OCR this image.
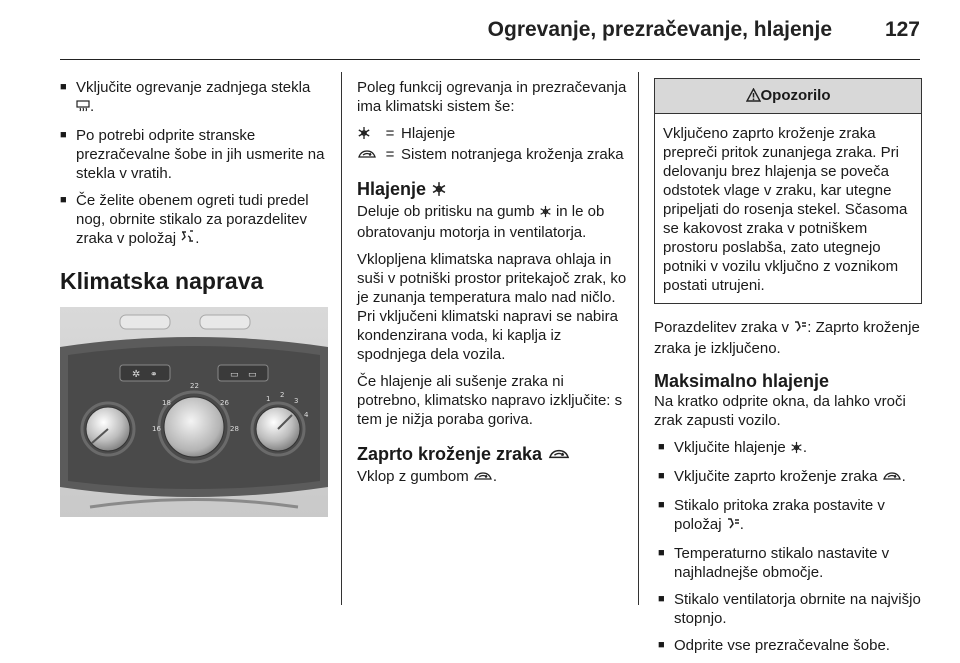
Ogrevanje, prezračevanje, hlajenje	127
■ Vključite ogrevanje zadnjega stekla
.
■ Po potrebi odprite stranske prezračevalne šobe in jih usmerite na stekla v vratih.
■ Če želite obenem ogreti tudi predel nog, obrnite stikalo za porazdelitev zraka v položaj .
Klimatska naprava
✲ ⚭	▭ ▭
22
18	26
16	28
1 2
3
4

Poleg funkcij ogrevanja in prezračevanja ima klimatski sistem še:

	=	Hlajenje
	=	Sistem notranjega kroženja zraka
Hlajenje

Deluje ob pritisku na gumb in le ob obratovanju motorja in ventilatorja.

Vklopljena klimatska naprava ohlaja in suši v potniški prostor pritekajoč zrak, ko je zunanja temperatura malo nad ničlo. Pri vključeni klimatski napravi se nabira kondenzirana voda, ki kaplja iz spodnjega dela vozila.

Če hlajenje ali sušenje zraka ni potrebno, klimatsko napravo izključite: s tem je nižja poraba goriva.

Zaprto kroženje zraka

Vklop z gumbom .

Opozorilo
Vključeno zaprto kroženje zraka prepreči pritok zunanjega zraka. Pri delovanju brez hlajenja se poveča odstotek vlage v zraku, kar utegne pripeljati do rosenja stekel. Sčasoma se kakovost zraka v potniškem prostoru poslabša, zato utegnejo potniki v vozilu vključno z voznikom postati utrujeni.

Porazdelitev zraka v : Zaprto kroženje zraka je izključeno.

Maksimalno hlajenje

Na kratko odprite okna, da lahko vroči zrak zapusti vozilo.

■ Vključite hlajenje .
■ Vključite zaprto kroženje zraka .
■ Stikalo pritoka zraka postavite v položaj .
■ Temperaturno stikalo nastavite v najhladnejše območje.
■ Stikalo ventilatorja obrnite na najvišjo stopnjo.
■ Odprite vse prezračevalne šobe.
